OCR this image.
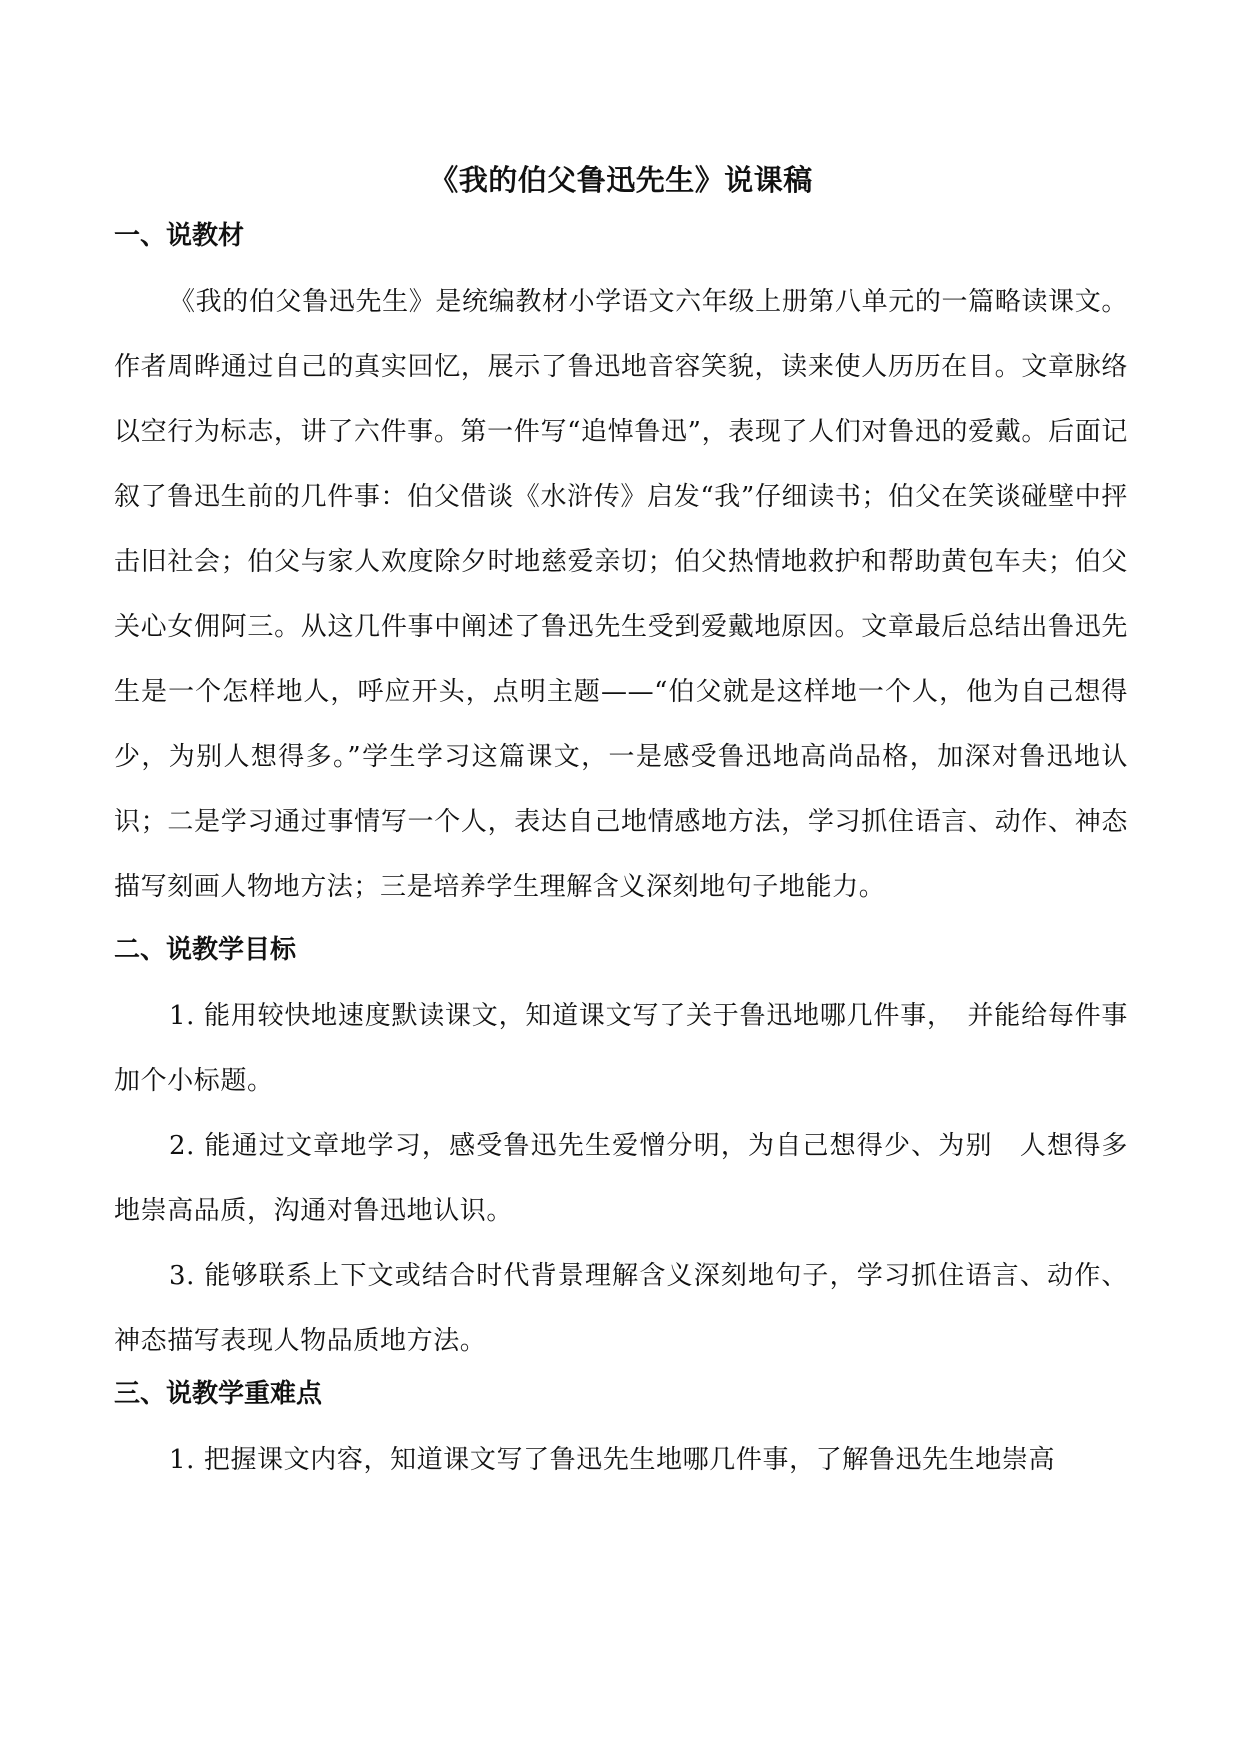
《我的伯父鲁迅先生》说课稿
一、说教材

《我的伯父鲁迅先生》是统编教材小学语文六年级上册第八单元的一篇略读课文。作者周晔通过自己的真实回忆，展示了鲁迅地音容笑貌，读来使人历历在目。文章脉络以空行为标志，讲了六件事。第一件写“追悼鲁迅”，表现了人们对鲁迅的爱戴。后面记叙了鲁迅生前的几件事：伯父借谈《水浒传》启发“我”仔细读书；伯父在笑谈碰壁中抨击旧社会；伯父与家人欢度除夕时地慈爱亲切；伯父热情地救护和帮助黄包车夫；伯父关心女佣阿三。从这几件事中阐述了鲁迅先生受到爱戴地原因。文章最后总结出鲁迅先生是一个怎样地人，呼应开头，点明主题——“伯父就是这样地一个人，他为自己想得少，为别人想得多。”学生学习这篇课文，一是感受鲁迅地高尚品格，加深对鲁迅地认识；二是学习通过事情写一个人，表达自己地情感地方法，学习抓住语言、动作、神态描写刻画人物地方法；三是培养学生理解含义深刻地句子地能力。

二、说教学目标

1. 能用较快地速度默读课文，知道课文写了关于鲁迅地哪几件事，　并能给每件事加个小标题。

2. 能通过文章地学习，感受鲁迅先生爱憎分明，为自己想得少、为别　人想得多地崇高品质，沟通对鲁迅地认识。

3. 能够联系上下文或结合时代背景理解含义深刻地句子，学习抓住语言、动作、神态描写表现人物品质地方法。

三、说教学重难点

1. 把握课文内容，知道课文写了鲁迅先生地哪几件事，了解鲁迅先生地崇高
